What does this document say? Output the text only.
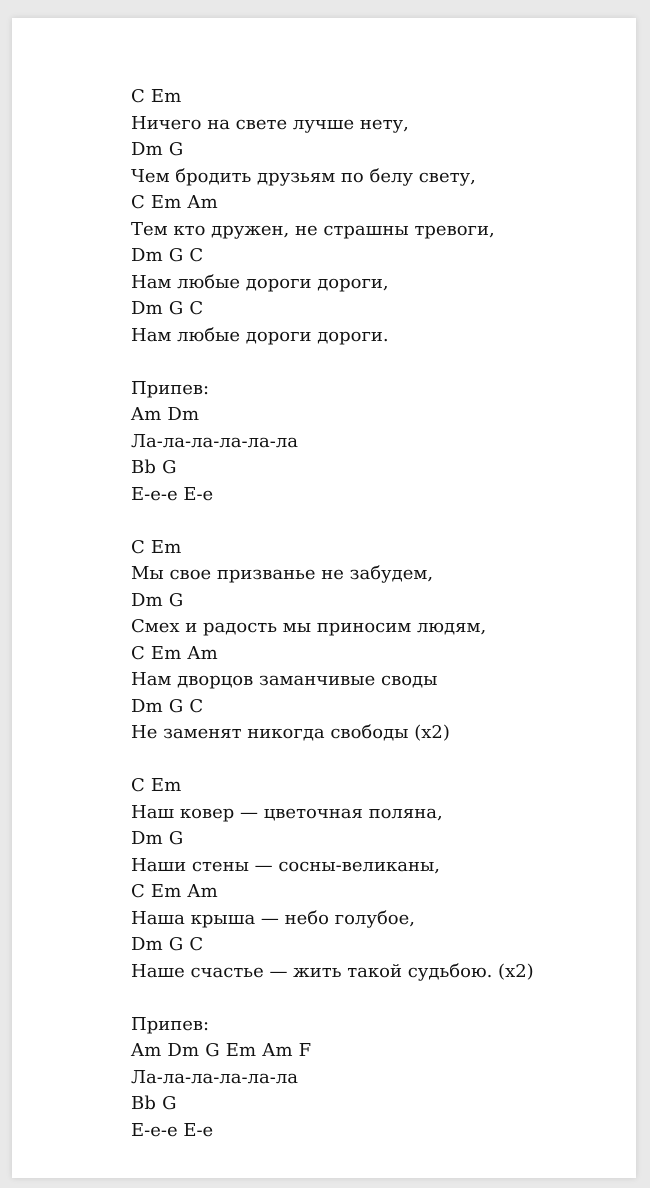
C Em
Ничего на свете лучше нету,
Dm G
Чем бродить друзьям по белу свету,
C Em Am
Тем кто дружен, не страшны тревоги,
Dm G C
Нам любые дороги дороги,
Dm G C
Нам любые дороги дороги.
Припев:
Am Dm
Ла-ла-ла-ла-ла-ла
Bb G
Е-е-е Е-е
C Em
Мы свое призванье не забудем,
Dm G
Смех и радость мы приносим людям,
C Em Am
Нам дворцов заманчивые своды
Dm G C
Не заменят никогда свободы (x2)
C Em
Наш ковер — цветочная поляна,
Dm G
Наши стены — сосны-великаны,
C Em Am
Наша крыша — небо голубое,
Dm G C
Наше счастье — жить такой судьбою. (x2)
Припев:
Am Dm G Em Am F
Ла-ла-ла-ла-ла-ла
Bb G
Е-е-е Е-е
